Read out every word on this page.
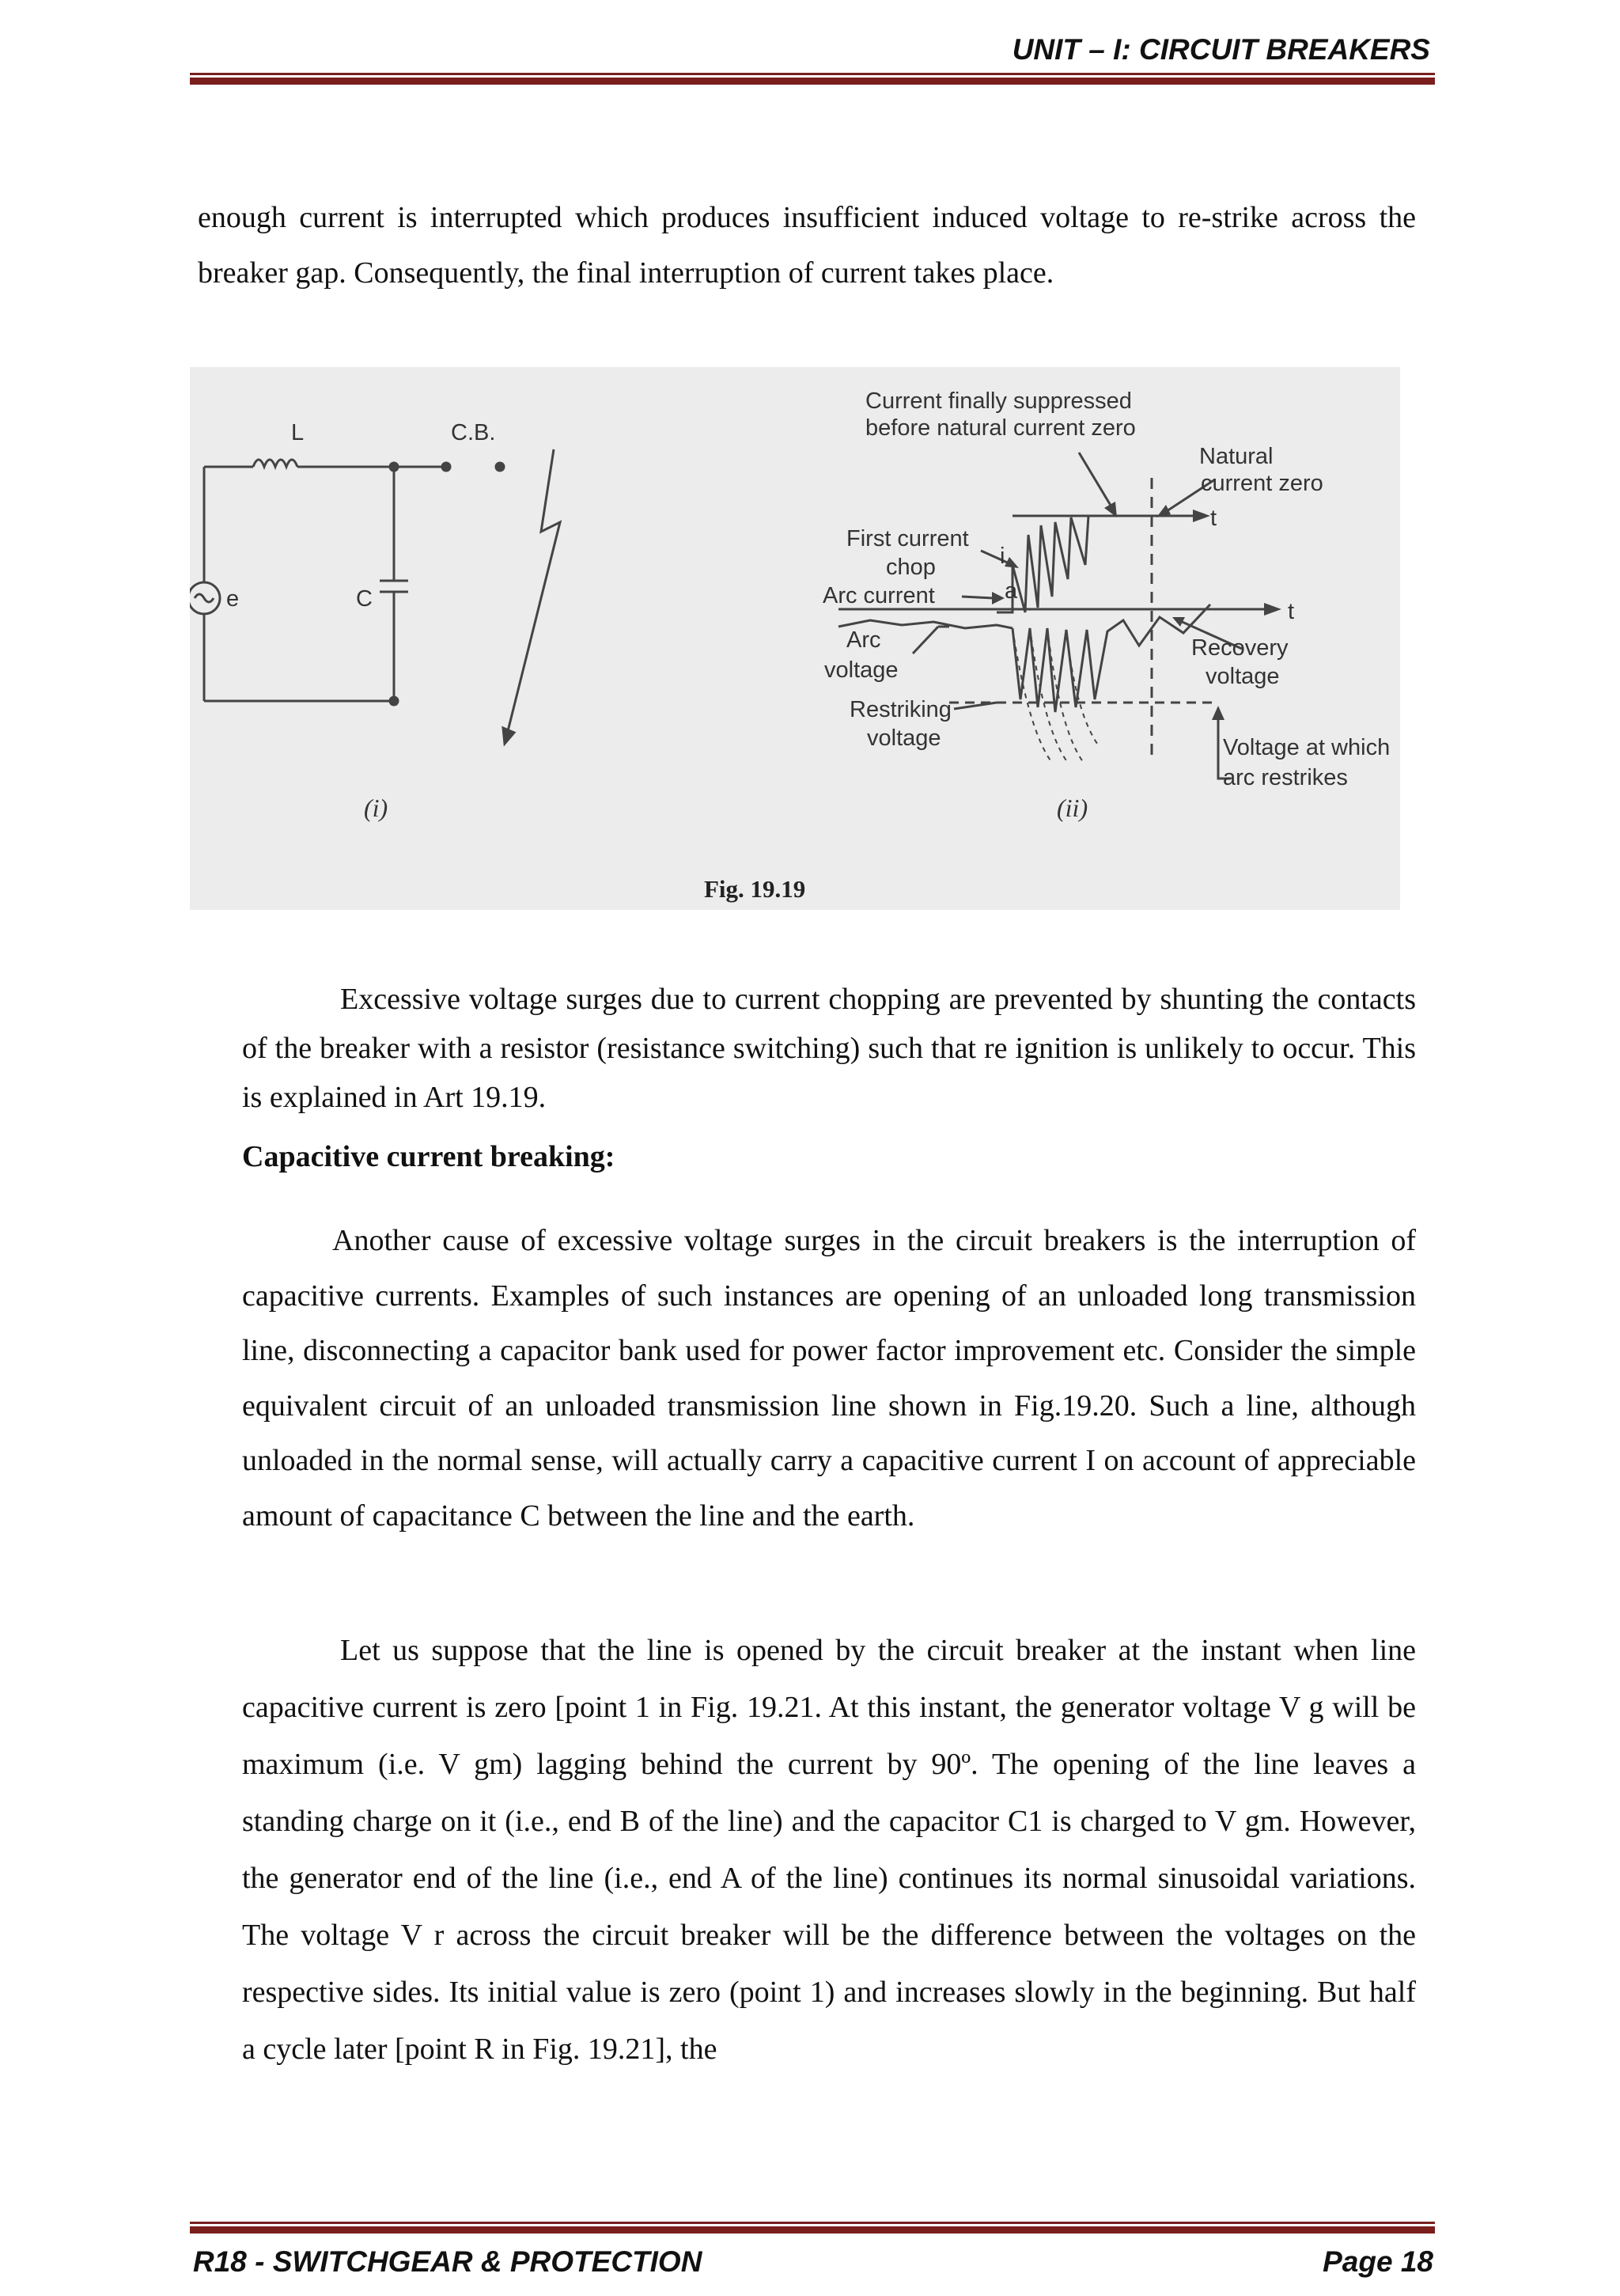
UNIT – I: CIRCUIT BREAKERS
enough current is interrupted which produces insufficient induced voltage to re-strike across the breaker gap. Consequently, the final interruption of current takes place.
L	C.B.
e	C
(i)
Current finally suppressed
before natural current zero
Natural
current zero
t
First current
chop	i
a
Arc current
t
Arc
voltage
Recovery
voltage
Restriking
voltage	Voltage at which
arc restrikes
(ii)
Fig. 19.19
Excessive voltage surges due to current chopping are prevented by shunting the contacts of the breaker with a resistor (resistance switching) such that re ignition is unlikely to occur. This is explained in Art 19.19.
Capacitive current breaking:
Another cause of excessive voltage surges in the circuit breakers is the interruption of capacitive currents. Examples of such instances are opening of an unloaded long transmission line, disconnecting a capacitor bank used for power factor improvement etc. Consider the simple equivalent circuit of an unloaded transmission line shown in Fig.19.20. Such a line, although unloaded in the normal sense, will actually carry a capacitive current I on account of appreciable amount of capacitance C between the line and the earth.
Let us suppose that the line is opened by the circuit breaker at the instant when line capacitive current is zero [point 1 in Fig. 19.21. At this instant, the generator voltage V g will be maximum (i.e. V gm) lagging behind the current by 90º. The opening of the line leaves a standing charge on it (i.e., end B of the line) and the capacitor C1 is charged to V gm. However, the generator end of the line (i.e., end A of the line) continues its normal sinusoidal variations. The voltage V r across the circuit breaker will be the difference between the voltages on the respective sides. Its initial value is zero (point 1) and increases slowly in the beginning. But half a cycle later [point R in Fig. 19.21], the
R18 - SWITCHGEAR & PROTECTION	Page 18
